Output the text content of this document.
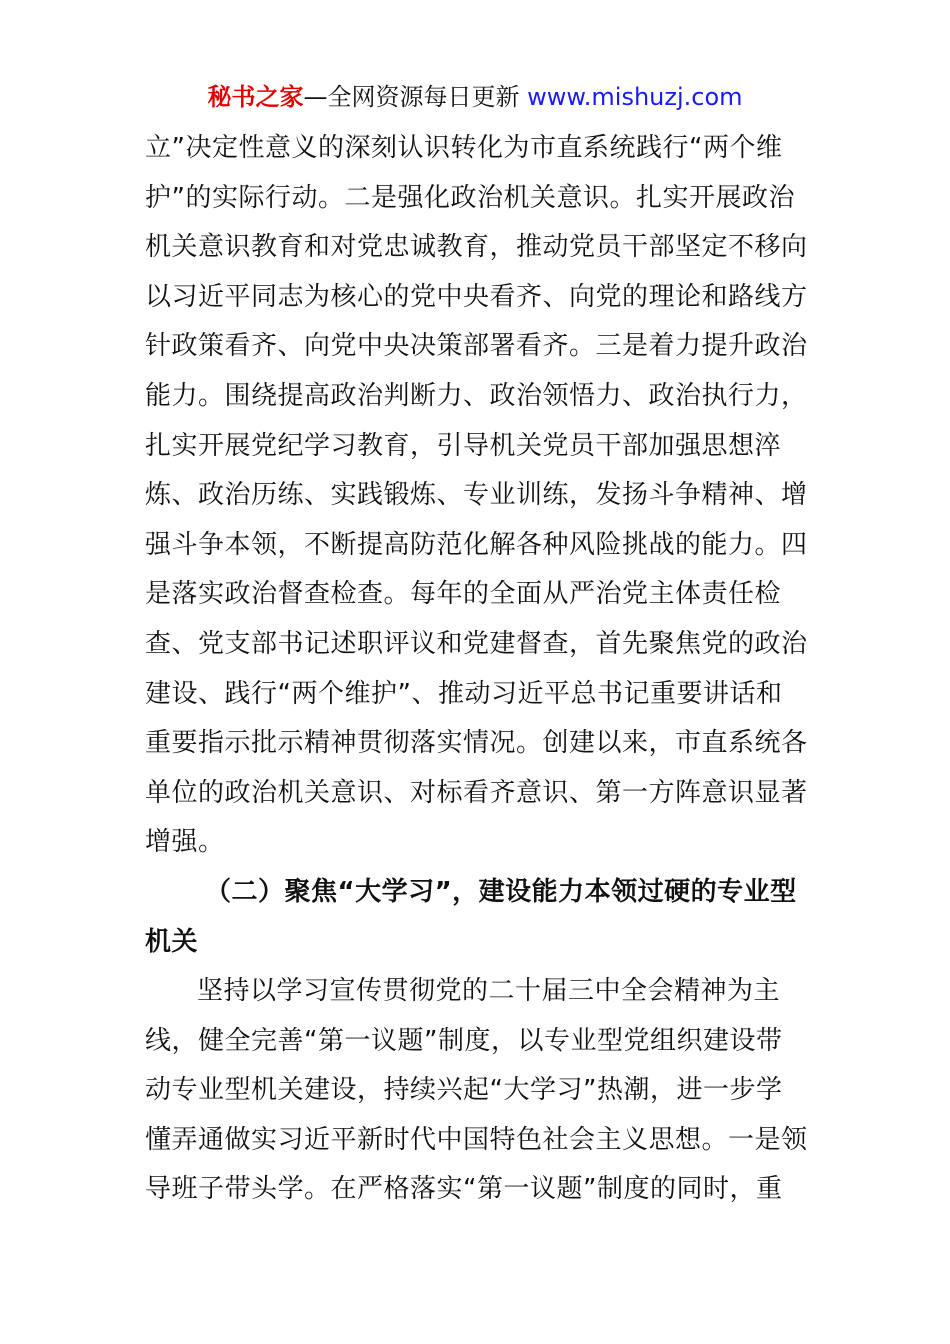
秘书之家—全网资源每日更新 www.mishuzj.com
立”决定性意义的深刻认识转化为市直系统践行“两个维
护”的实际行动。二是强化政治机关意识。扎实开展政治
机关意识教育和对党忠诚教育，推动党员干部坚定不移向
以习近平同志为核心的党中央看齐、向党的理论和路线方
针政策看齐、向党中央决策部署看齐。三是着力提升政治
能力。围绕提高政治判断力、政治领悟力、政治执行力，
扎实开展党纪学习教育，引导机关党员干部加强思想淬
炼、政治历练、实践锻炼、专业训练，发扬斗争精神、增
强斗争本领，不断提高防范化解各种风险挑战的能力。四
是落实政治督查检查。每年的全面从严治党主体责任检
查、党支部书记述职评议和党建督查，首先聚焦党的政治
建设、践行“两个维护”、推动习近平总书记重要讲话和
重要指示批示精神贯彻落实情况。创建以来，市直系统各
单位的政治机关意识、对标看齐意识、第一方阵意识显著
增强。
（二）聚焦“大学习”，建设能力本领过硬的专业型
机关
坚持以学习宣传贯彻党的二十届三中全会精神为主
线，健全完善“第一议题”制度，以专业型党组织建设带
动专业型机关建设，持续兴起“大学习”热潮，进一步学
懂弄通做实习近平新时代中国特色社会主义思想。一是领
导班子带头学。在严格落实“第一议题”制度的同时，重
